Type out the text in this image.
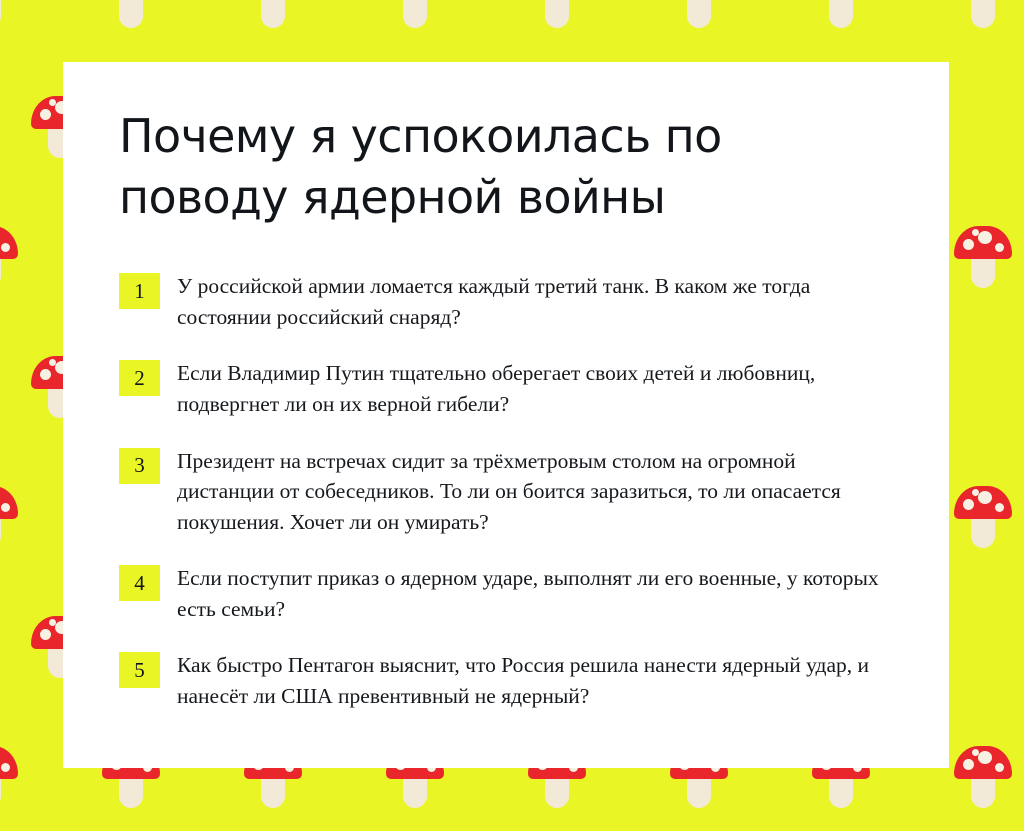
Почему я успокоилась по поводу ядерной войны
1 У российской армии ломается каждый третий танк. В каком же тогда состоянии российский снаряд?
2 Если Владимир Путин тщательно оберегает своих детей и любовниц, подвергнет ли он их верной гибели?
3 Президент на встречах сидит за трёхметровым столом на огромной дистанции от собеседников. То ли он боится заразиться, то ли опасается покушения. Хочет ли он умирать?
4 Если поступит приказ о ядерном ударе, выполнят ли его военные, у которых есть семьи?
5 Как быстро Пентагон выяснит, что Россия решила нанести ядерный удар, и нанесёт ли США превентивный не ядерный?
